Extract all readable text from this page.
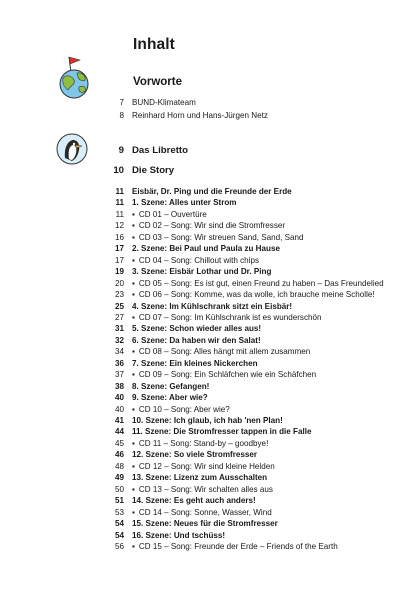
Inhalt
Vorworte
7 BUND-Klimateam
8 Reinhard Horn und Hans-Jürgen Netz
9 Das Libretto
10 Die Story
11 Eisbär, Dr. Ping und die Freunde der Erde
11 1. Szene: Alles unter Strom
11 ▪ CD 01 – Ouvertüre
12 ▪ CD 02 – Song: Wir sind die Stromfresser
16 ▪ CD 03 – Song: Wir streuen Sand, Sand, Sand
17 2. Szene: Bei Paul und Paula zu Hause
17 ▪ CD 04 – Song: Chillout with chips
19 3. Szene: Eisbär Lothar und Dr. Ping
20 ▪ CD 05 – Song: Es ist gut, einen Freund zu haben – Das Freundelied
23 ▪ CD 06 – Song: Komme, was da wolle, ich brauche meine Scholle!
25 4. Szene: Im Kühlschrank sitzt ein Eisbär!
27 ▪ CD 07 – Song: Im Kühlschrank ist es wunderschön
31 5. Szene: Schon wieder alles aus!
32 6. Szene: Da haben wir den Salat!
34 ▪ CD 08 – Song: Alles hängt mit allem zusammen
36 7. Szene: Ein kleines Nickerchen
37 ▪ CD 09 – Song: Ein Schläfchen wie ein Schäfchen
38 8. Szene: Gefangen!
40 9. Szene: Aber wie?
40 ▪ CD 10 – Song: Aber wie?
41 10. Szene: Ich glaub, ich hab 'nen Plan!
44 11. Szene: Die Stromfresser tappen in die Falle
45 ▪ CD 11 – Song: Stand-by – goodbye!
46 12. Szene: So viele Stromfresser
48 ▪ CD 12 – Song: Wir sind kleine Helden
49 13. Szene: Lizenz zum Ausschalten
50 ▪ CD 13 – Song: Wir schalten alles aus
51 14. Szene: Es geht auch anders!
53 ▪ CD 14 – Song: Sonne, Wasser, Wind
54 15. Szene: Neues für die Stromfresser
54 16. Szene: Und tschüss!
56 ▪ CD 15 – Song: Freunde der Erde – Friends of the Earth
